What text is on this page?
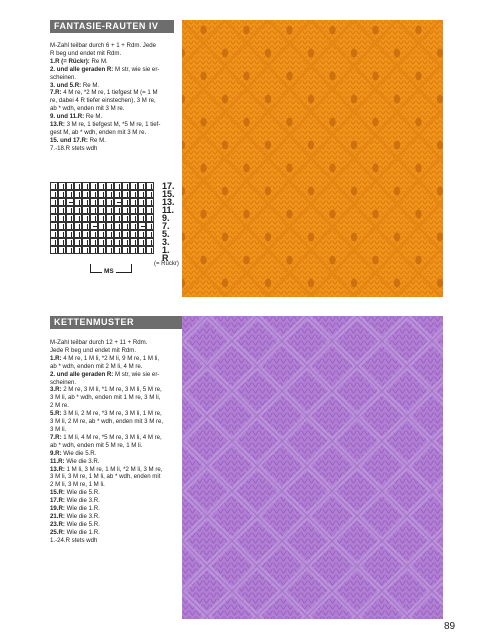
FANTASIE-RAUTEN IV
M-Zahl teilbar durch 6 + 1 + Rdm. Jede
R beg und endet mit Rdm.
1.R (= Rückr): Re M.
2. und alle geraden R: M str, wie sie er-
scheinen.
3. und 5.R: Re M.
7.R: 4 M re, *2 M re, 1 tiefgest M (= 1 M
re, dabei 4 R tiefer einstechen), 3 M re,
ab * wdh, enden mit 3 M re.
9. und 11.R: Re M.
13.R: 3 M re, 1 tiefgest M, *5 M re, 1 tief-
gest M, ab * wdh, enden mit 3 M re.
15. und 17.R: Re M.
7.-18.R stets wdh
17.
15.
13.
11.
9.
7.
5.
3.
1. R
(= Rückr)
MS
KETTENMUSTER
M-Zahl teilbar durch 12 + 11 + Rdm.
Jede R beg und endet mit Rdm.
1.R: 4 M re, 1 M li, *2 M li, 9 M re, 1 M li,
ab * wdh, enden mit 2 M li, 4 M re.
2. und alle geraden R: M str, wie sie er-
scheinen.
3.R: 2 M re, 3 M li, *1 M re, 3 M li, 5 M re,
3 M li, ab * wdh, enden mit 1 M re, 3 M li,
2 M re.
5.R: 3 M li, 2 M re, *3 M re, 3 M li, 1 M re,
3 M li, 2 M re, ab * wdh, enden mit 3 M re,
3 M li.
7.R: 1 M li, 4 M re, *5 M re, 3 M li, 4 M re,
ab * wdh, enden mit 5 M re, 1 M li.
9.R: Wie die 5.R.
11.R: Wie die 3.R.
13.R: 1 M li, 3 M re, 1 M li, *2 M li, 3 M re,
3 M li, 3 M re, 1 M li, ab * wdh, enden mit
2 M li, 3 M re, 1 M li.
15.R: Wie die 5.R.
17.R: Wie die 3.R.
19.R: Wie die 1.R.
21.R: Wie die 3.R.
23.R: Wie die 5.R.
25.R: Wie die 1.R.
1.-24.R stets wdh
89
